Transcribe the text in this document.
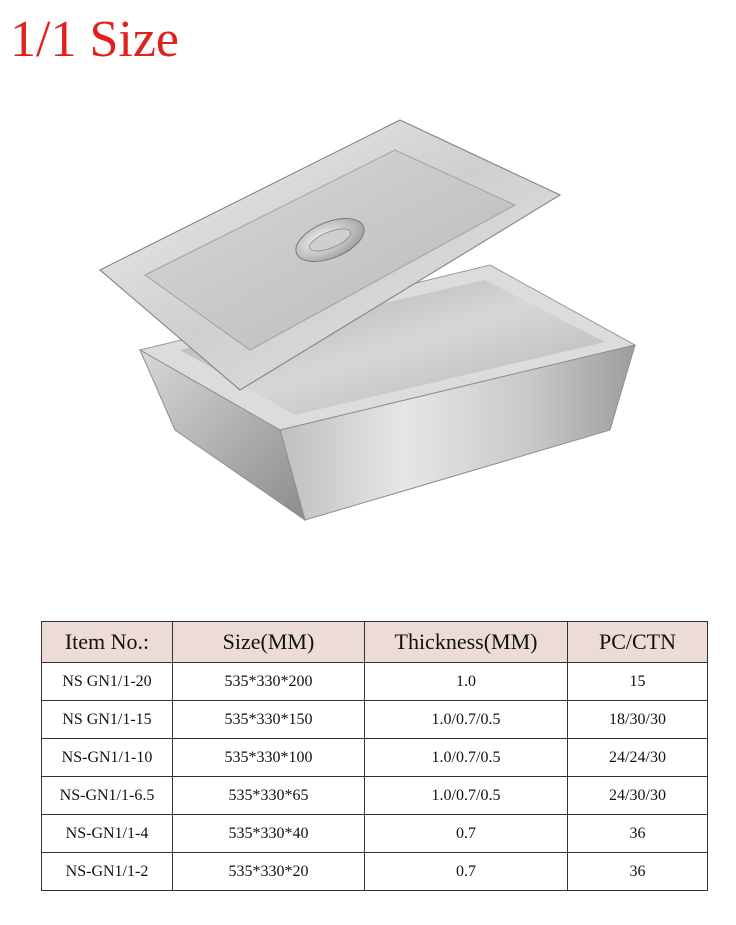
1/1 Size
Item No.:	Size(MM)	Thickness(MM)	PC/CTN
NS GN1/1-20	535*330*200	1.0	15
NS GN1/1-15	535*330*150	1.0/0.7/0.5	18/30/30
NS-GN1/1-10	535*330*100	1.0/0.7/0.5	24/24/30
NS-GN1/1-6.5	535*330*65	1.0/0.7/0.5	24/30/30
NS-GN1/1-4	535*330*40	0.7	36
NS-GN1/1-2	535*330*20	0.7	36
